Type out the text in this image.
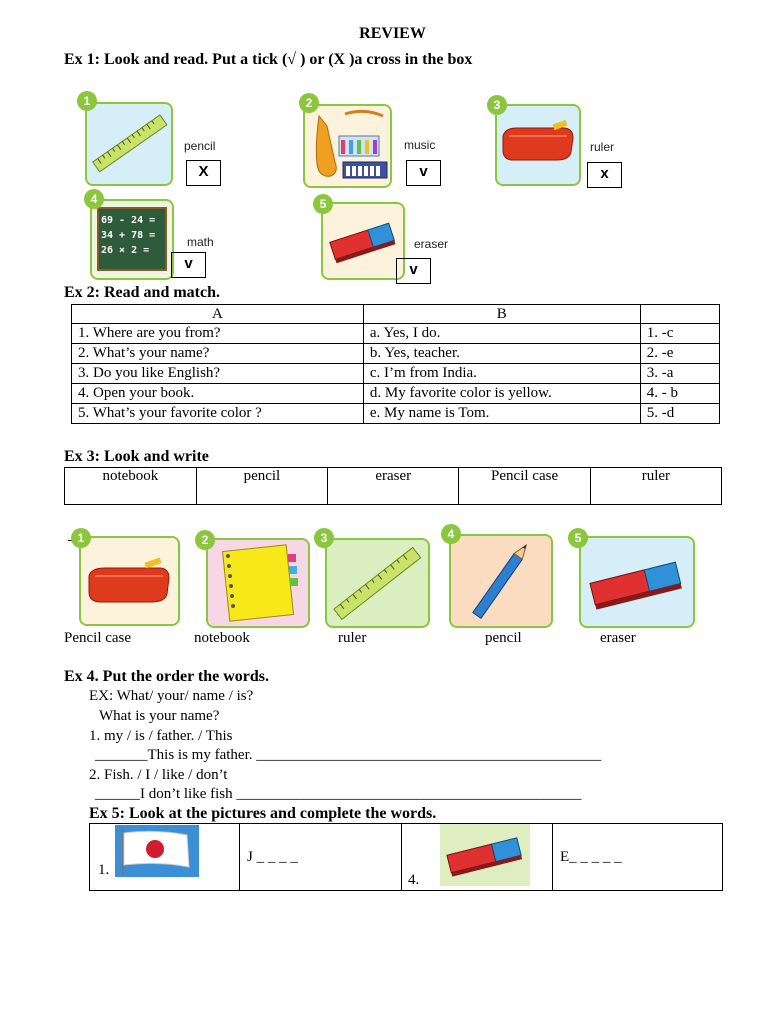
REVIEW
Ex 1: Look and read. Put a tick (√ ) or (X )a cross in the box
1
pencil
X
2
music
v
3
ruler
x
69 - 24 =
34 + 78 =
26 × 2 =
4
math
v
5
eraser
v
Ex 2: Read and match.
A	B	
1. Where are you from?	a. Yes, I do.	1. -c
2. What’s your name?	b. Yes, teacher.	2. -e
3. Do you like English?	c. I’m from India.	3. -a
4. Open your book.	d. My favorite color is yellow.	4. - b
5. What’s your favorite color ?	e. My name is Tom.	5. -d
Ex 3: Look and write
notebook	pencil	eraser	Pencil case	ruler
1
Pencil case
2
notebook
3
ruler
4
pencil
5
eraser
Ex 4. Put the order the words.
EX: What/ your/ name / is?
What is your name?
1. my / is / father. / This
_______This is my father. ______________________________________________
2. Fish. / I / like / don’t
______I don’t like fish ______________________________________________
Ex 5: Look at the pictures and complete the words.
1.
J _ _ _ _
4.
E_ _ _ _ _
